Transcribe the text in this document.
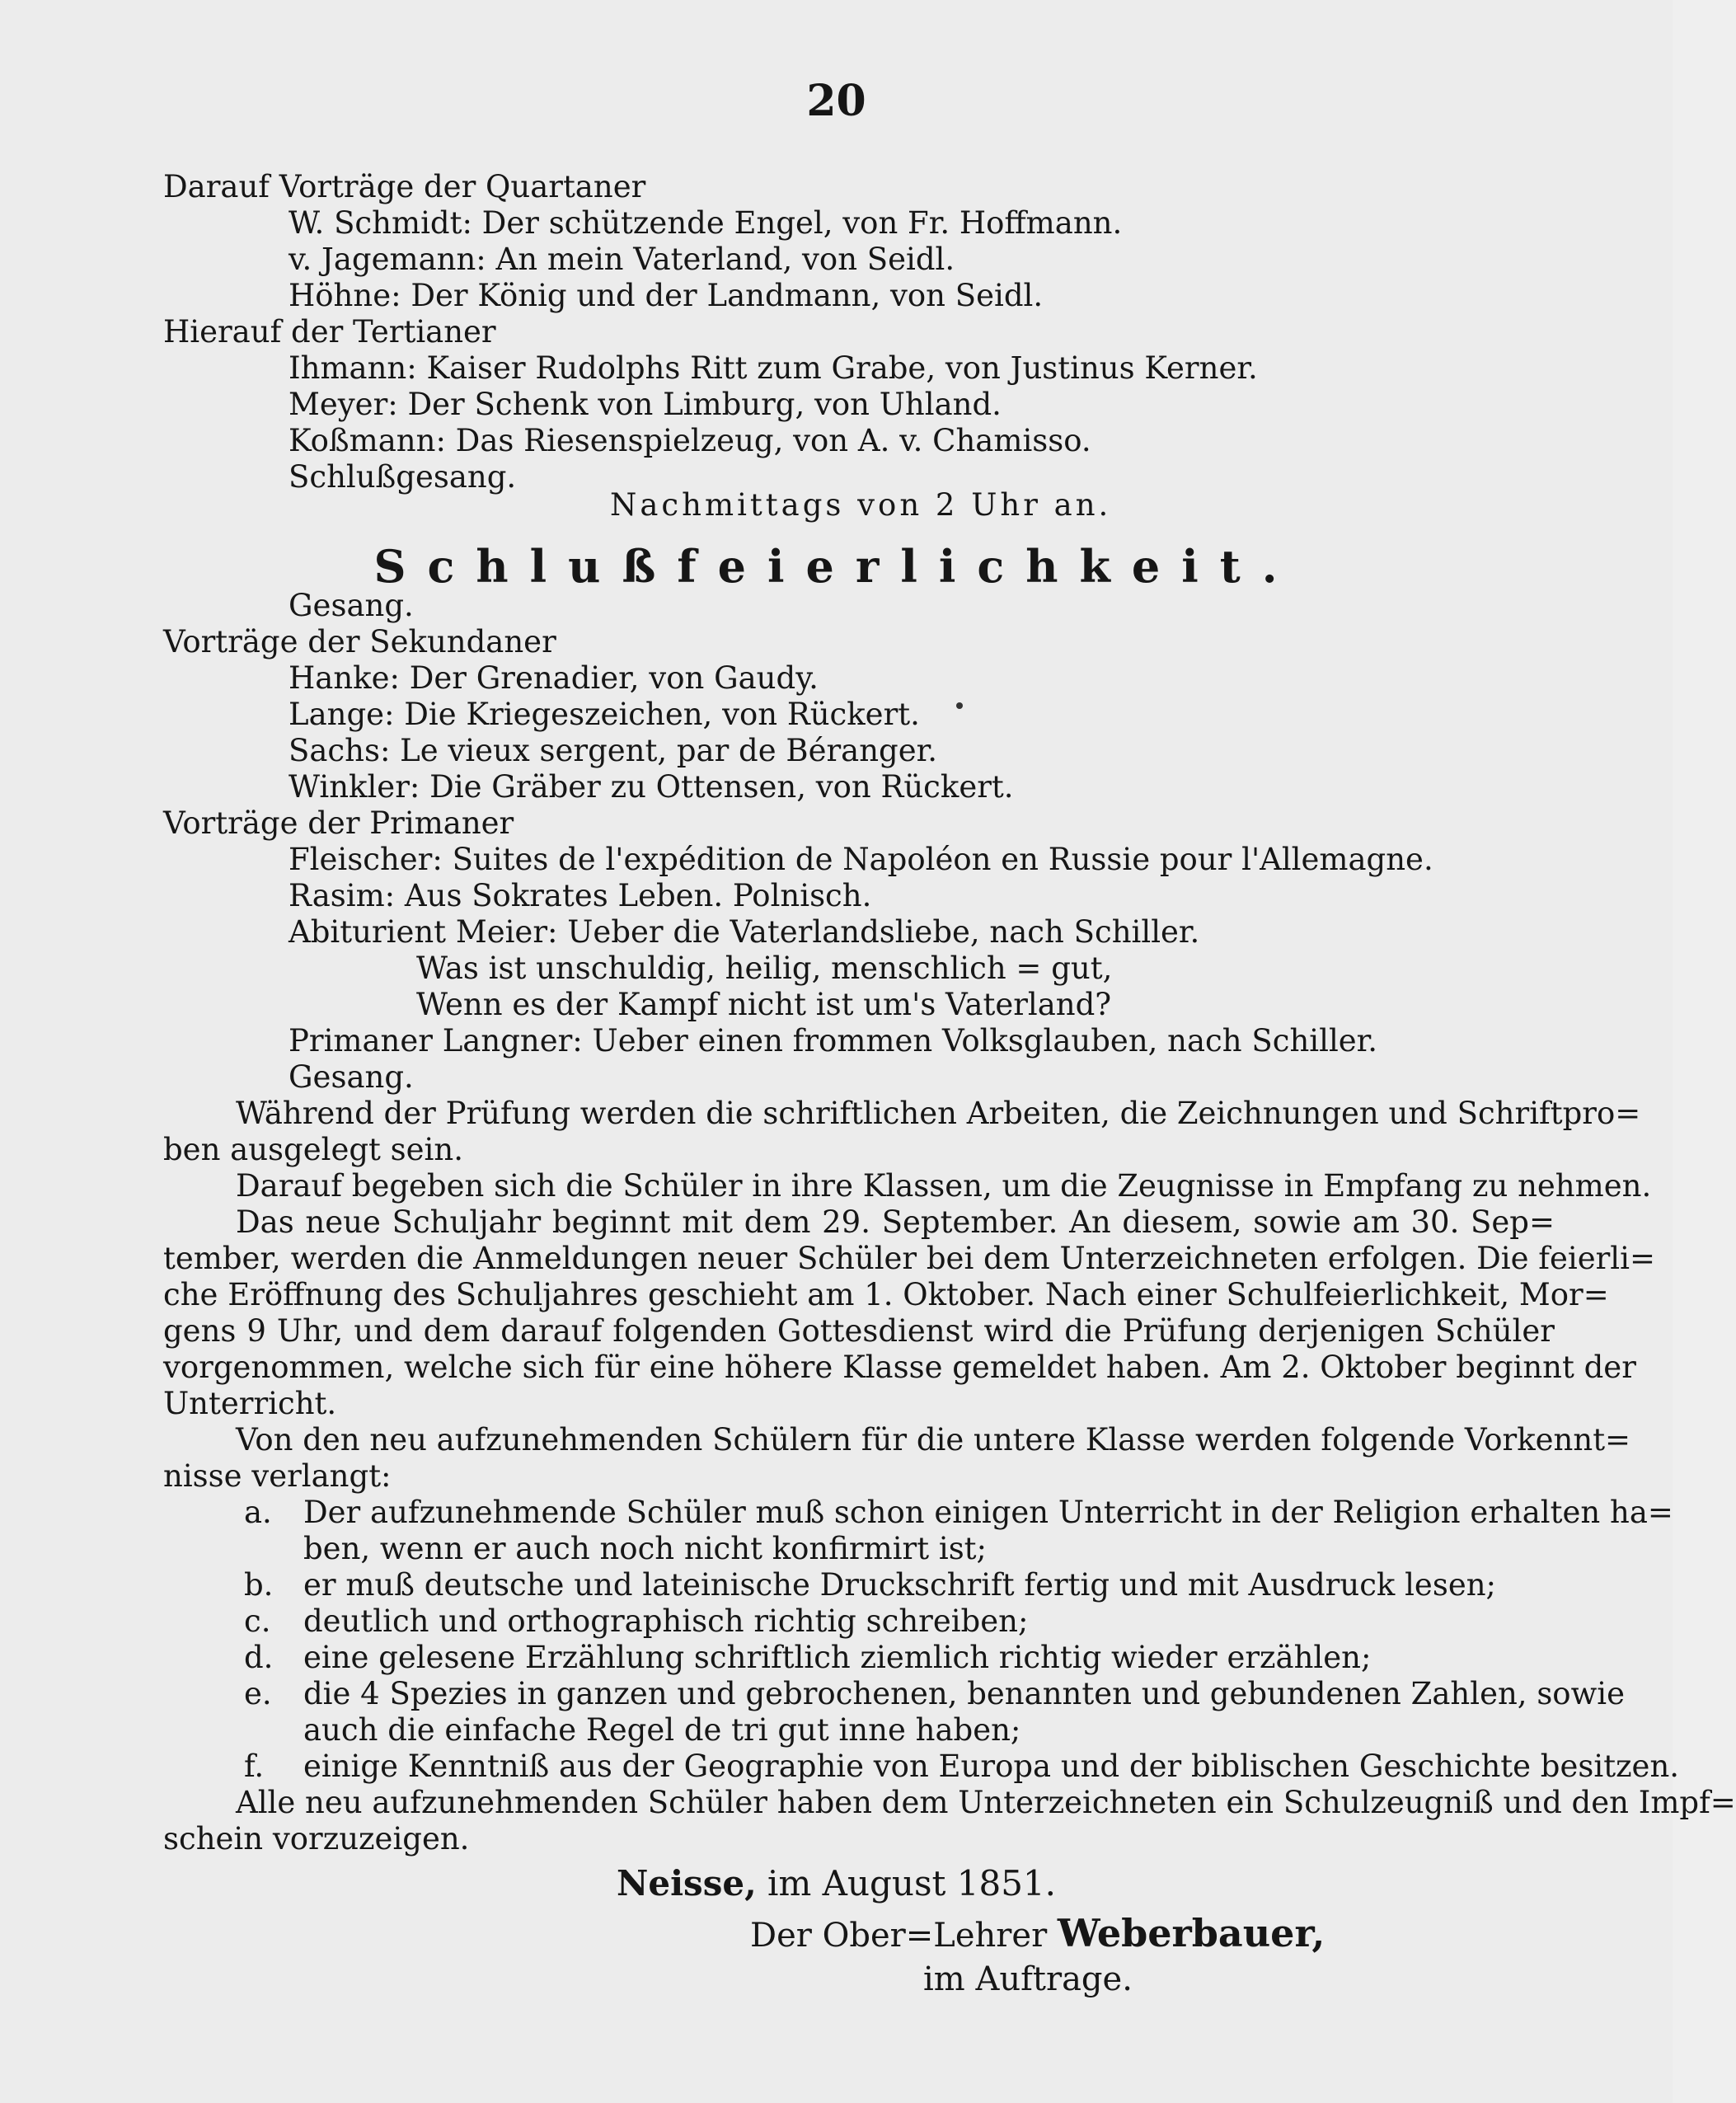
20
Darauf Vorträge der Quartaner
W. Schmidt: Der schützende Engel, von Fr. Hoffmann.
v. Jagemann: An mein Vaterland, von Seidl.
Höhne: Der König und der Landmann, von Seidl.
Hierauf der Tertianer
Ihmann: Kaiser Rudolphs Ritt zum Grabe, von Justinus Kerner.
Meyer: Der Schenk von Limburg, von Uhland.
Koßmann: Das Riesenspielzeug, von A. v. Chamisso.
Schlußgesang.
Nachmittags von 2 Uhr an.
Schlußfeierlichkeit.
Gesang.
Vorträge der Sekundaner
Hanke: Der Grenadier, von Gaudy.
Lange: Die Kriegeszeichen, von Rückert.
Sachs: Le vieux sergent, par de Béranger.
Winkler: Die Gräber zu Ottensen, von Rückert.
Vorträge der Primaner
Fleischer: Suites de l'expédition de Napoléon en Russie pour l'Allemagne.
Rasim: Aus Sokrates Leben. Polnisch.
Abiturient Meier: Ueber die Vaterlandsliebe, nach Schiller.
Was ist unschuldig, heilig, menschlich = gut,
Wenn es der Kampf nicht ist um's Vaterland?
Primaner Langner: Ueber einen frommen Volksglauben, nach Schiller.
Gesang.
Während der Prüfung werden die schriftlichen Arbeiten, die Zeichnungen und Schriftpro=
ben ausgelegt sein.
Darauf begeben sich die Schüler in ihre Klassen, um die Zeugnisse in Empfang zu nehmen.
Das neue Schuljahr beginnt mit dem 29. September. An diesem, sowie am 30. Sep=
tember, werden die Anmeldungen neuer Schüler bei dem Unterzeichneten erfolgen. Die feierli=
che Eröffnung des Schuljahres geschieht am 1. Oktober. Nach einer Schulfeierlichkeit, Mor=
gens 9 Uhr, und dem darauf folgenden Gottesdienst wird die Prüfung derjenigen Schüler
vorgenommen, welche sich für eine höhere Klasse gemeldet haben. Am 2. Oktober beginnt der
Unterricht.
Von den neu aufzunehmenden Schülern für die untere Klasse werden folgende Vorkennt=
nisse verlangt:
a. Der aufzunehmende Schüler muß schon einigen Unterricht in der Religion erhalten ha=
ben, wenn er auch noch nicht konfirmirt ist;
b. er muß deutsche und lateinische Druckschrift fertig und mit Ausdruck lesen;
c. deutlich und orthographisch richtig schreiben;
d. eine gelesene Erzählung schriftlich ziemlich richtig wieder erzählen;
e. die 4 Spezies in ganzen und gebrochenen, benannten und gebundenen Zahlen, sowie
auch die einfache Regel de tri gut inne haben;
f. einige Kenntniß aus der Geographie von Europa und der biblischen Geschichte besitzen.
Alle neu aufzunehmenden Schüler haben dem Unterzeichneten ein Schulzeugniß und den Impf=
schein vorzuzeigen.
Neisse, im August 1851.
Der Ober=Lehrer Weberbauer,
im Auftrage.
